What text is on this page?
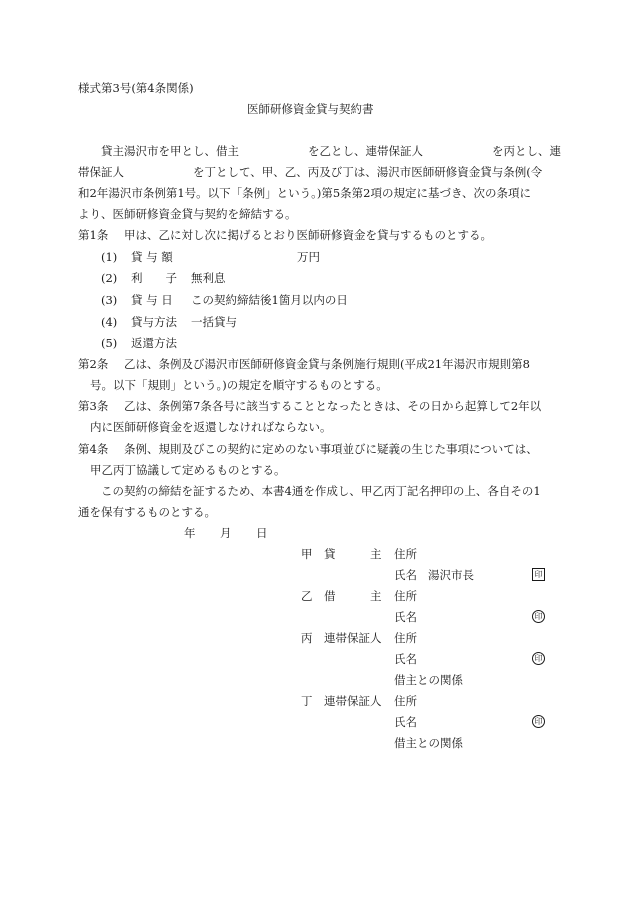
様式第3号(第4条関係)
医師研修資金貸与契約書
貸主湯沢市を甲とし、借主　　　　　　を乙とし、連帯保証人　　　　　　を丙とし、連
帯保証人　　　　　　を丁として、甲、乙、丙及び丁は、湯沢市医師研修資金貸与条例(令
和2年湯沢市条例第1号。以下「条例」という。)第5条第2項の規定に基づき、次の条項に
より、医師研修資金貸与契約を締結する。
第1条 甲は、乙に対し次に掲げるとおり医師研修資金を貸与するものとする。
(1) 貸 与 額	万円
(2) 利　　子 無利息
(3) 貸 与 日 この契約締結後1箇月以内の日
(4) 貸与方法 一括貸与
(5) 返還方法
第2条 乙は、条例及び湯沢市医師研修資金貸与条例施行規則(平成21年湯沢市規則第8
号。以下「規則」という。)の規定を順守するものとする。
第3条 乙は、条例第7条各号に該当することとなったときは、その日から起算して2年以
内に医師研修資金を返還しなければならない。
第4条 条例、規則及びこの契約に定めのない事項並びに疑義の生じた事項については、
甲乙丙丁協議して定めるものとする。
この契約の締結を証するため、本書4通を作成し、甲乙丙丁記名押印の上、各自その1
通を保有するものとする。
年 月 日
甲 貸　　　主 住所
氏名 湯沢市長	印
乙 借　　　主 住所
氏名	印
丙 連帯保証人 住所
氏名	印
借主との関係
丁 連帯保証人 住所
氏名	印
借主との関係
